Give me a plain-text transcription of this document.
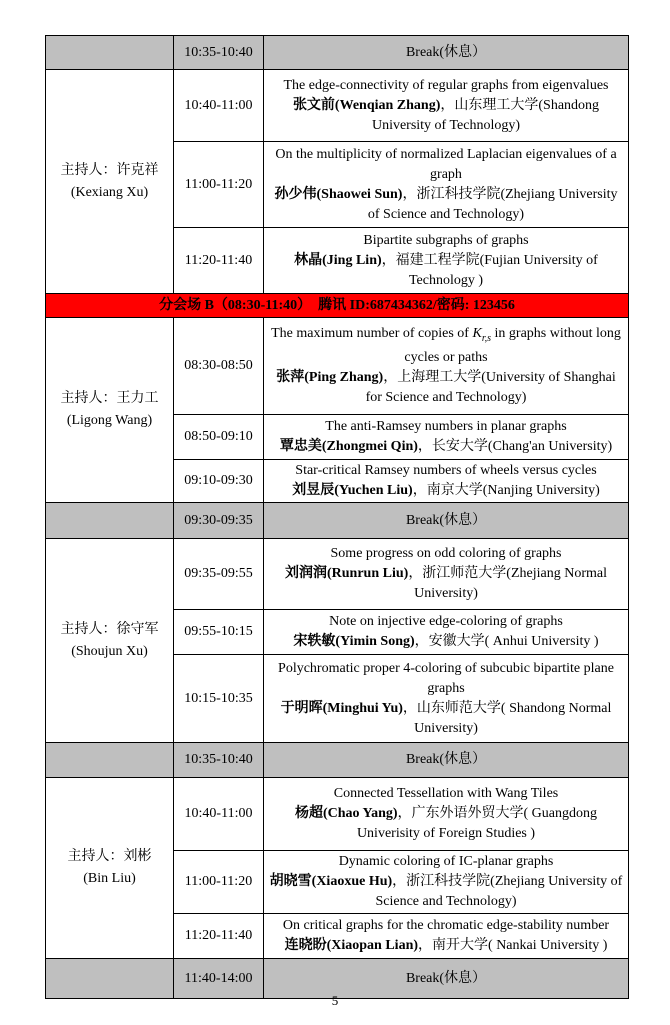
	10:35-10:40	Break(休息）

主持人：许克祥
(Kexiang Xu)
	10:40-11:00	
The edge-connectivity of regular graphs from eigenvalues
张文前(Wenqian Zhang)，山东理工大学(Shandong University of Technology)

	11:00-11:20	On the multiplicity of normalized Laplacian eigenvalues of a graph
孙少伟(Shaowei Sun)，浙江科技学院(Zhejiang University of Science and Technology)

	11:20-11:40	Bipartite subgraphs of graphs
林晶(Jing Lin)，福建工程学院(Fujian University of Technology )

分会场 B（08:30-11:40）　腾讯 ID:687434362/密码: 123456		

主持人：王力工
(Ligong Wang)
	08:30-08:50	
The maximum number of copies of $K_{r,s}$ in graphs without long cycles or paths
张萍(Ping Zhang)，上海理工大学(University of Shanghai for Science and Technology)

	08:50-09:10	The anti-Ramsey numbers in planar graphs
覃忠美(Zhongmei Qin)，长安大学(Chang'an University)

	09:10-09:30	Star-critical Ramsey numbers of wheels versus cycles
刘昱辰(Yuchen Liu)，南京大学(Nanjing University)

	09:30-09:35	Break(休息）

主持人：徐守军
(Shoujun Xu)
	09:35-09:55	
Some progress on odd coloring of graphs
刘润润(Runrun Liu)，浙江师范大学(Zhejiang Normal University)

	09:55-10:15	Note on injective edge-coloring of graphs
宋轶敏(Yimin Song)，安徽大学( Anhui University )

	10:15-10:35	Polychromatic proper 4-coloring of subcubic bipartite plane graphs
于明晖(Minghui Yu)，山东师范大学( Shandong Normal University)

	10:35-10:40	Break(休息）

主持人：刘彬
(Bin Liu)
	10:40-11:00	
Connected Tessellation with Wang Tiles
杨超(Chao Yang)，广东外语外贸大学( Guangdong Univerisity of Foreign Studies )

	11:00-11:20	Dynamic coloring of IC-planar graphs
胡晓雪(Xiaoxue Hu)，浙江科技学院(Zhejiang University of Science and Technology)

	11:20-11:40	On critical graphs for the chromatic edge-stability number
连晓盼(Xiaopan Lian)，南开大学( Nankai University )

	11:40-14:00	Break(休息）
5
